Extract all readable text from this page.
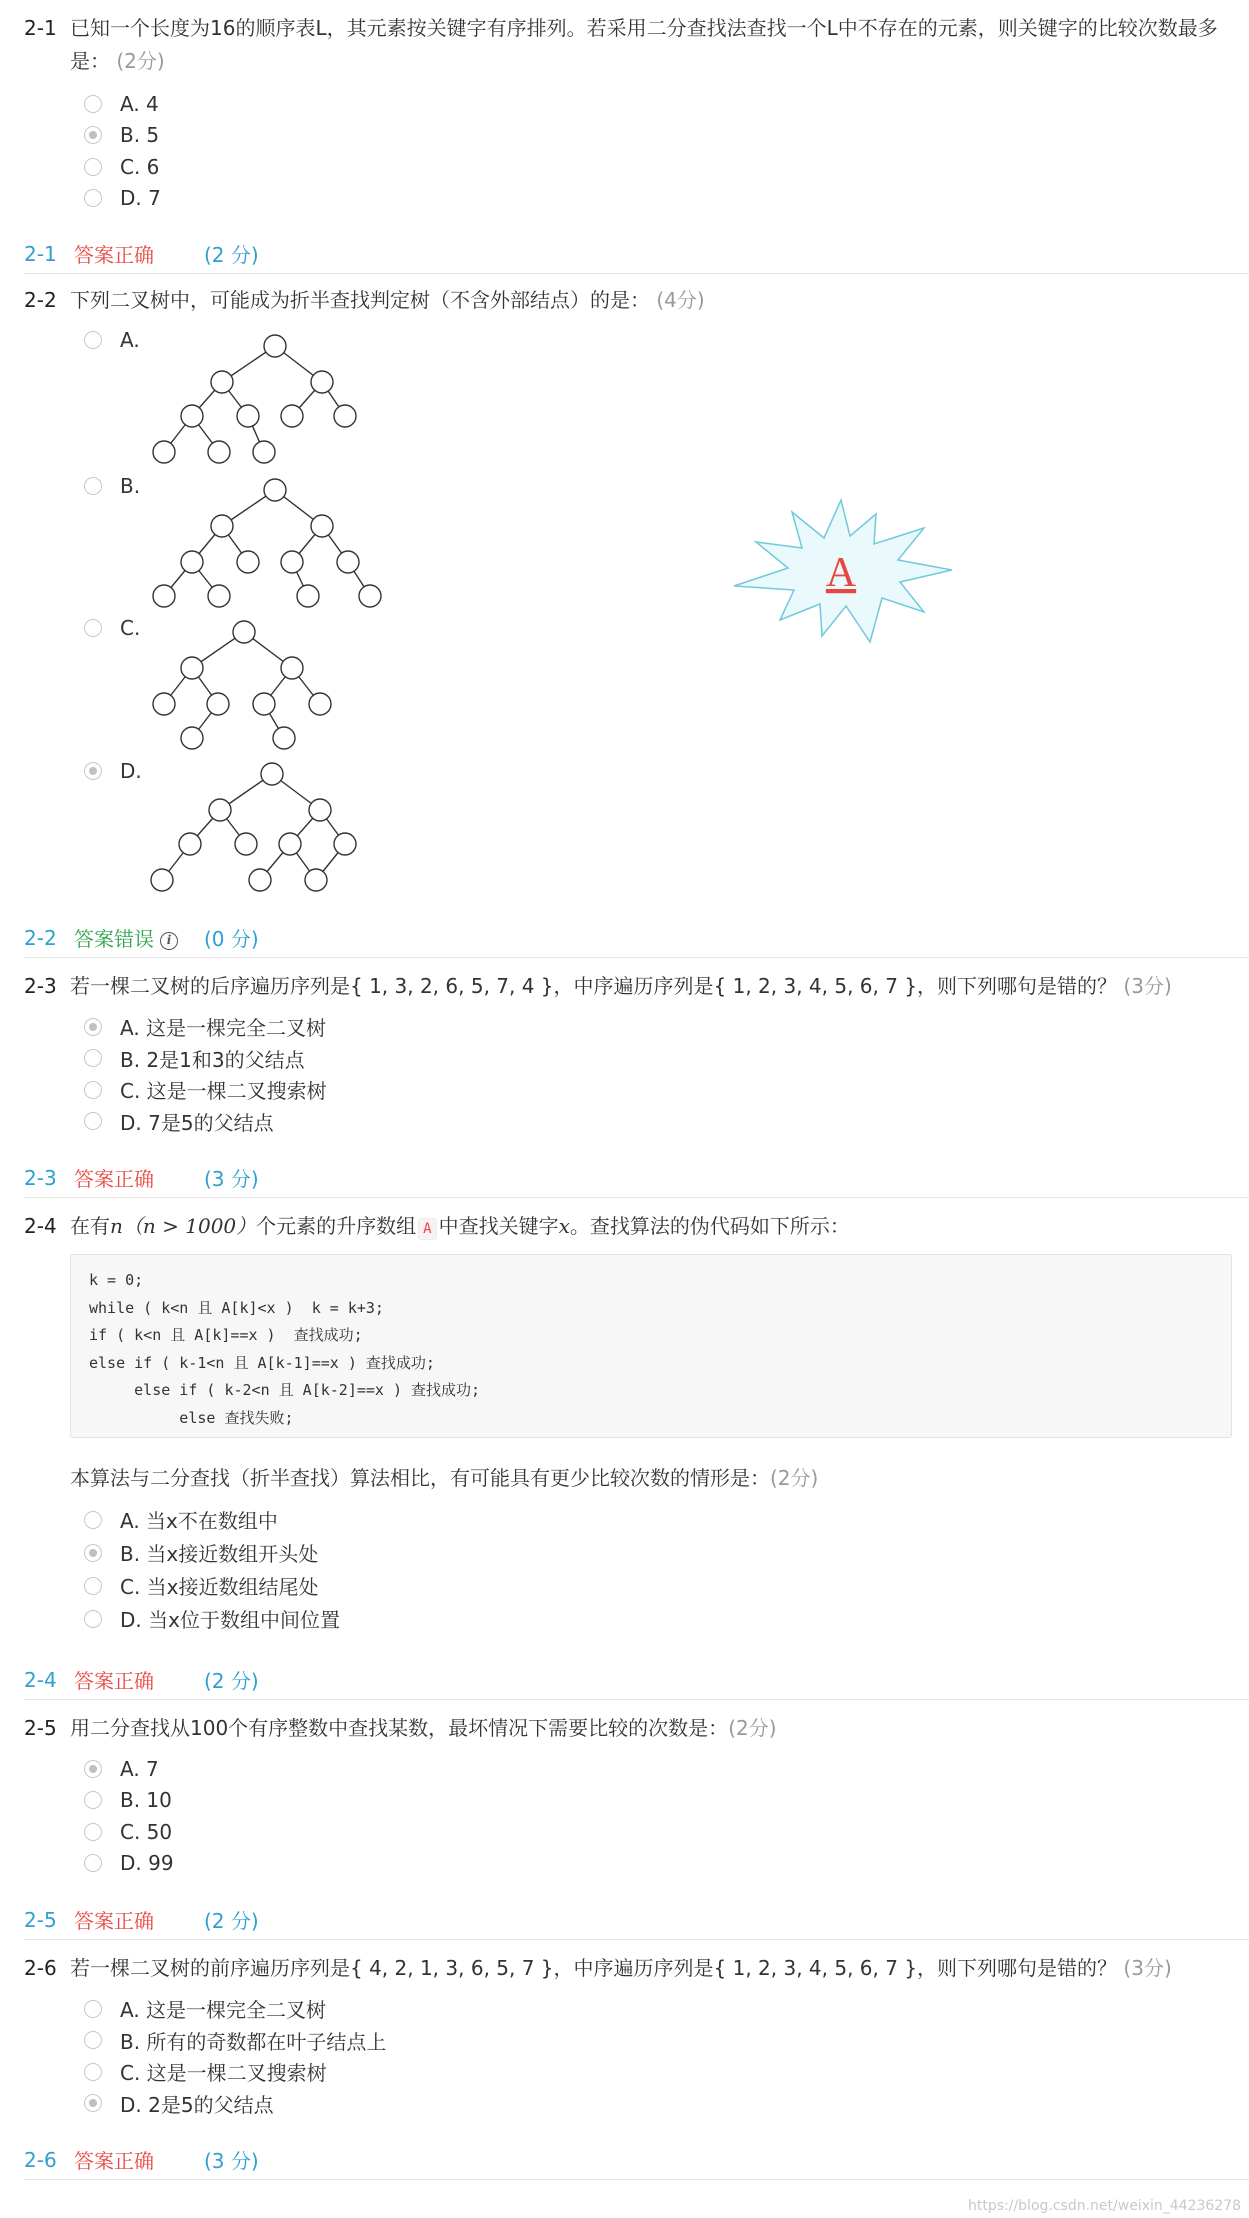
2-1 已知一个长度为16的顺序表L，其元素按关键字有序排列。若采用二分查找法查找一个L中不存在的元素，则关键字的比较次数最多是： (2分)
A. 4
B. 5
C. 6
D. 7
2-1 答案正确	(2 分)
2-2 下列二叉树中，可能成为折半查找判定树（不含外部结点）的是： (4分)
A.
B.
C.
D.
A
2-2 答案错误 i	(0 分)
2-3 若一棵二叉树的后序遍历序列是{ 1, 3, 2, 6, 5, 7, 4 }，中序遍历序列是{ 1, 2, 3, 4, 5, 6, 7 }，则下列哪句是错的？ (3分)
A. 这是一棵完全二叉树
B. 2是1和3的父结点
C. 这是一棵二叉搜索树
D. 7是5的父结点
2-3 答案正确	(3 分)
2-4 在有n（n > 1000）个元素的升序数组 A 中查找关键字x。查找算法的伪代码如下所示：
k = 0;
while ( k<n 且 A[k]<x )  k = k+3;
if ( k<n 且 A[k]==x )  查找成功;
else if ( k-1<n 且 A[k-1]==x ) 查找成功;
else if ( k-2<n 且 A[k-2]==x ) 查找成功;
else 查找失败;
本算法与二分查找（折半查找）算法相比，有可能具有更少比较次数的情形是：(2分)
A. 当x不在数组中
B. 当x接近数组开头处
C. 当x接近数组结尾处
D. 当x位于数组中间位置
2-4 答案正确	(2 分)
2-5 用二分查找从100个有序整数中查找某数，最坏情况下需要比较的次数是：(2分)
A. 7
B. 10
C. 50
D. 99
2-5 答案正确	(2 分)
2-6 若一棵二叉树的前序遍历序列是{ 4, 2, 1, 3, 6, 5, 7 }，中序遍历序列是{ 1, 2, 3, 4, 5, 6, 7 }，则下列哪句是错的？ (3分)
A. 这是一棵完全二叉树
B. 所有的奇数都在叶子结点上
C. 这是一棵二叉搜索树
D. 2是5的父结点
2-6 答案正确	(3 分)
https://blog.csdn.net/weixin_44236278
